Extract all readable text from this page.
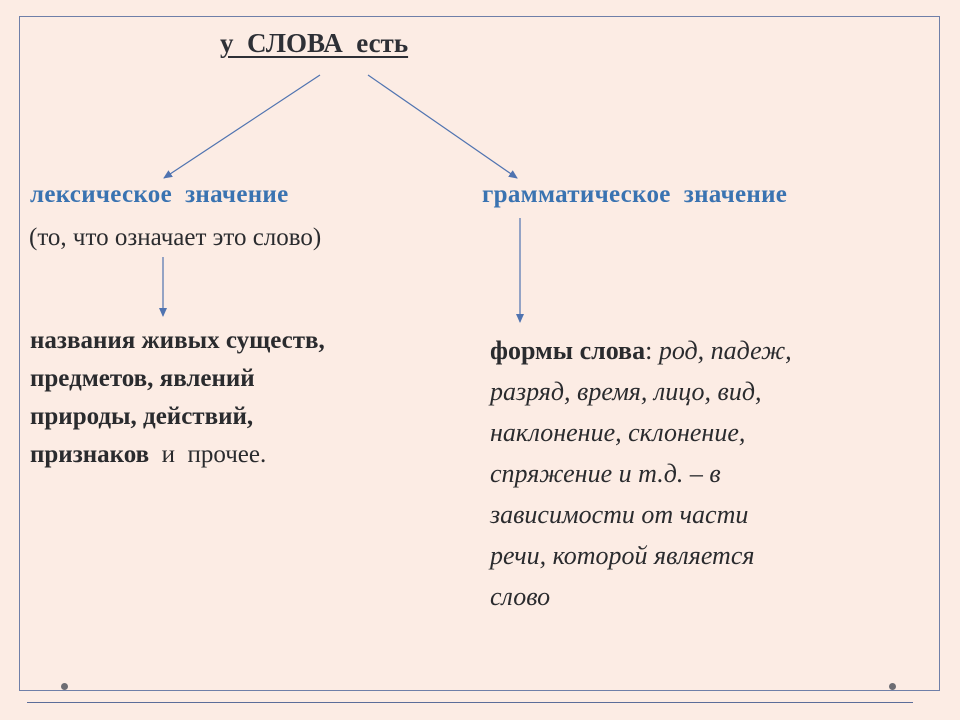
у  СЛОВА  есть
лексическое  значение
(то, что означает это слово)
грамматическое  значение
названия живых существ,
предметов, явлений
природы, действий,
признаков  и  прочее.
формы слова: род, падеж,
разряд, время, лицо, вид,
наклонение, склонение,
спряжение и т.д. – в
зависимости от части
речи, которой является
слово
